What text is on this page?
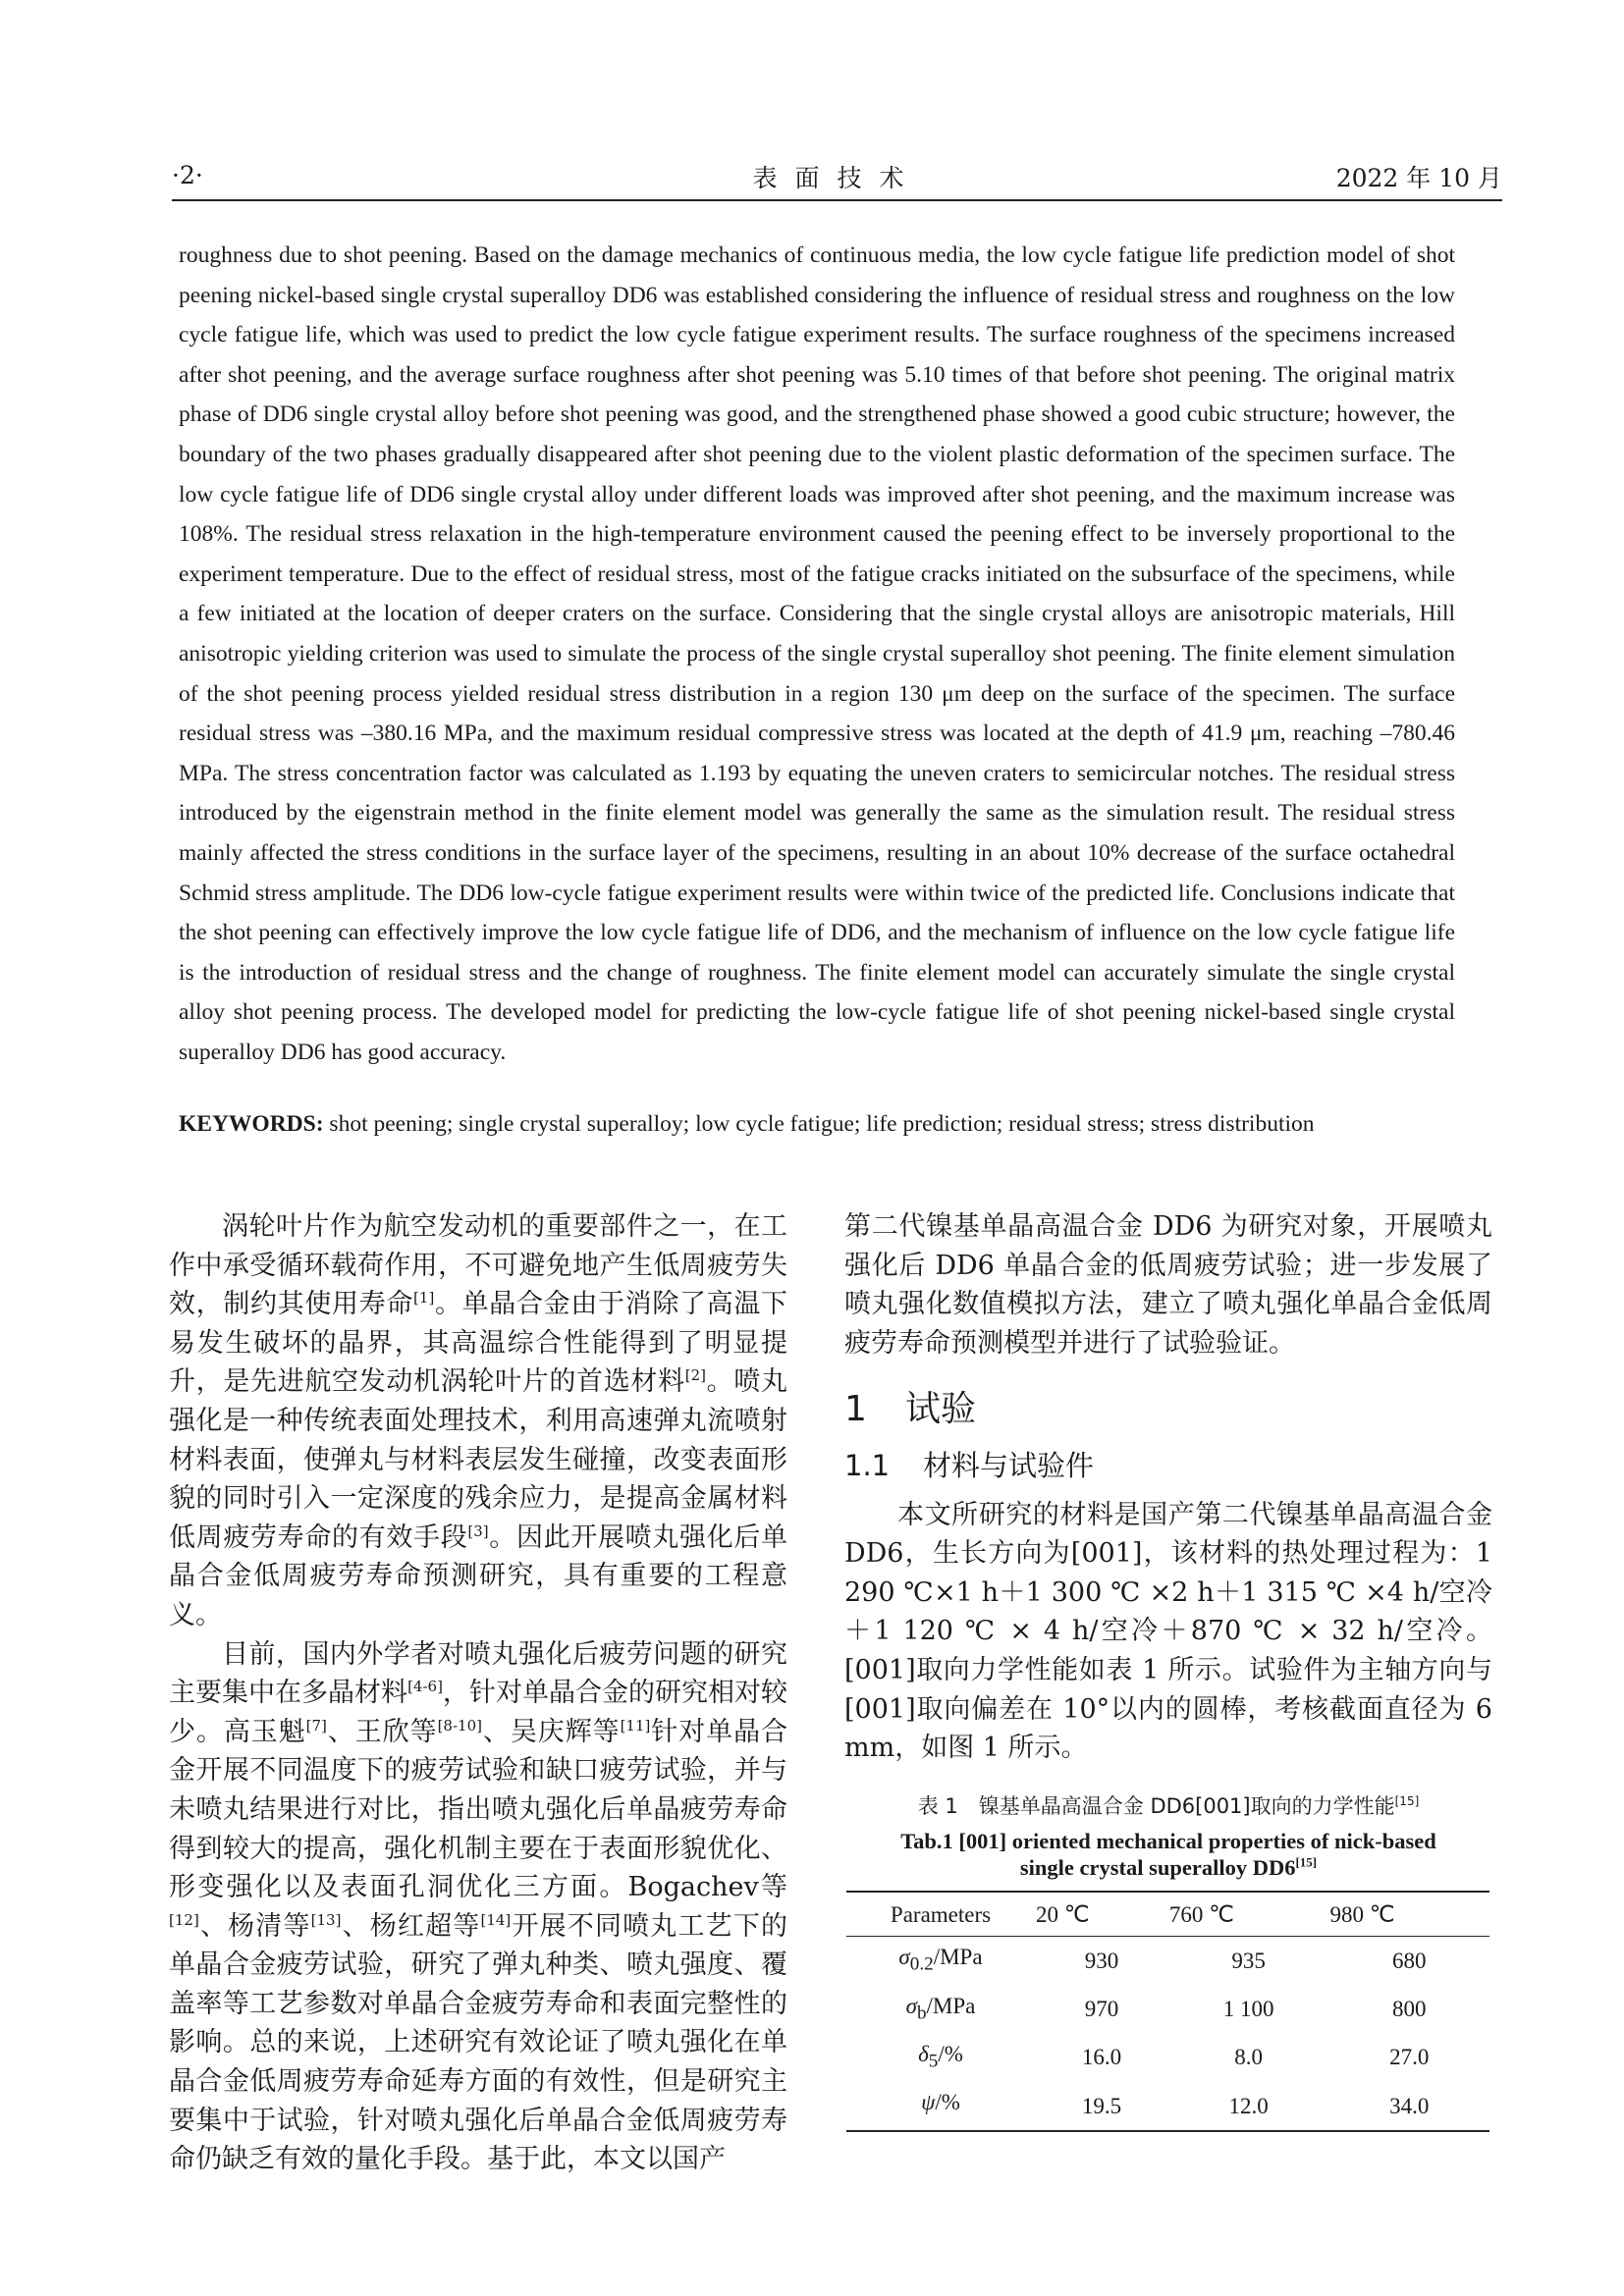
·2·	表面技术	2022 年 10 月
roughness due to shot peening. Based on the damage mechanics of continuous media, the low cycle fatigue life prediction model of shot peening nickel-based single crystal superalloy DD6 was established considering the influence of residual stress and roughness on the low cycle fatigue life, which was used to predict the low cycle fatigue experiment results. The surface roughness of the specimens increased after shot peening, and the average surface roughness after shot peening was 5.10 times of that before shot peening. The original matrix phase of DD6 single crystal alloy before shot peening was good, and the strengthened phase showed a good cubic structure; however, the boundary of the two phases gradually disappeared after shot peening due to the violent plastic deformation of the specimen surface. The low cycle fatigue life of DD6 single crystal alloy under different loads was improved after shot peening, and the maximum increase was 108%. The residual stress relaxation in the high-temperature environment caused the peening effect to be inversely proportional to the experiment temperature. Due to the effect of residual stress, most of the fatigue cracks initiated on the subsurface of the specimens, while a few initiated at the location of deeper craters on the surface. Considering that the single crystal alloys are anisotropic materials, Hill anisotropic yielding criterion was used to simulate the process of the single crystal superalloy shot peening. The finite element simulation of the shot peening process yielded residual stress distribution in a region 130 μm deep on the surface of the specimen. The surface residual stress was –380.16 MPa, and the maximum residual compressive stress was located at the depth of 41.9 μm, reaching –780.46 MPa. The stress concentration factor was calculated as 1.193 by equating the uneven craters to semicircular notches. The residual stress introduced by the eigenstrain method in the finite element model was generally the same as the simulation result. The residual stress mainly affected the stress conditions in the surface layer of the specimens, resulting in an about 10% decrease of the surface octahedral Schmid stress amplitude. The DD6 low-cycle fatigue experiment results were within twice of the predicted life. Conclusions indicate that the shot peening can effectively improve the low cycle fatigue life of DD6, and the mechanism of influence on the low cycle fatigue life is the introduction of residual stress and the change of roughness. The finite element model can accurately simulate the single crystal alloy shot peening process. The developed model for predicting the low-cycle fatigue life of shot peening nickel-based single crystal superalloy DD6 has good accuracy.
KEYWORDS: shot peening; single crystal superalloy; low cycle fatigue; life prediction; residual stress; stress distribution

涡轮叶片作为航空发动机的重要部件之一，在工作中承受循环载荷作用，不可避免地产生低周疲劳失效，制约其使用寿命[1]。单晶合金由于消除了高温下易发生破坏的晶界，其高温综合性能得到了明显提升，是先进航空发动机涡轮叶片的首选材料[2]。喷丸强化是一种传统表面处理技术，利用高速弹丸流喷射材料表面，使弹丸与材料表层发生碰撞，改变表面形貌的同时引入一定深度的残余应力，是提高金属材料低周疲劳寿命的有效手段[3]。因此开展喷丸强化后单晶合金低周疲劳寿命预测研究，具有重要的工程意义。

目前，国内外学者对喷丸强化后疲劳问题的研究主要集中在多晶材料[4-6]，针对单晶合金的研究相对较少。高玉魁[7]、王欣等[8-10]、吴庆辉等[11]针对单晶合金开展不同温度下的疲劳试验和缺口疲劳试验，并与未喷丸结果进行对比，指出喷丸强化后单晶疲劳寿命得到较大的提高，强化机制主要在于表面形貌优化、形变强化以及表面孔洞优化三方面。Bogachev等[12]、杨清等[13]、杨红超等[14]开展不同喷丸工艺下的单晶合金疲劳试验，研究了弹丸种类、喷丸强度、覆盖率等工艺参数对单晶合金疲劳寿命和表面完整性的影响。总的来说，上述研究有效论证了喷丸强化在单晶合金低周疲劳寿命延寿方面的有效性，但是研究主要集中于试验，针对喷丸强化后单晶合金低周疲劳寿命仍缺乏有效的量化手段。基于此，本文以国产

第二代镍基单晶高温合金 DD6 为研究对象，开展喷丸强化后 DD6 单晶合金的低周疲劳试验；进一步发展了喷丸强化数值模拟方法，建立了喷丸强化单晶合金低周疲劳寿命预测模型并进行了试验验证。

1 试验

1.1 材料与试验件

本文所研究的材料是国产第二代镍基单晶高温合金 DD6，生长方向为[001]，该材料的热处理过程为：1 290 ℃×1 h＋1 300 ℃ ×2 h＋1 315 ℃ ×4 h/空冷＋1 120 ℃ × 4 h/空冷＋870 ℃ × 32 h/空冷。[001]取向力学性能如表 1 所示。试验件为主轴方向与[001]取向偏差在 10°以内的圆棒，考核截面直径为 6 mm，如图 1 所示。

表 1　镍基单晶高温合金 DD6[001]取向的力学性能[15]
Tab.1 [001] oriented mechanical properties of nick-based
single crystal superalloy DD6[15]
Parameters	20 ℃	760 ℃	980 ℃
$\sigma_{0.2}$/MPa	930	935	680
$\sigma_b$/MPa	970	1 100	800
$\delta_5/\%$	16.0	8.0	27.0
ψ/%	19.5	12.0	34.0
